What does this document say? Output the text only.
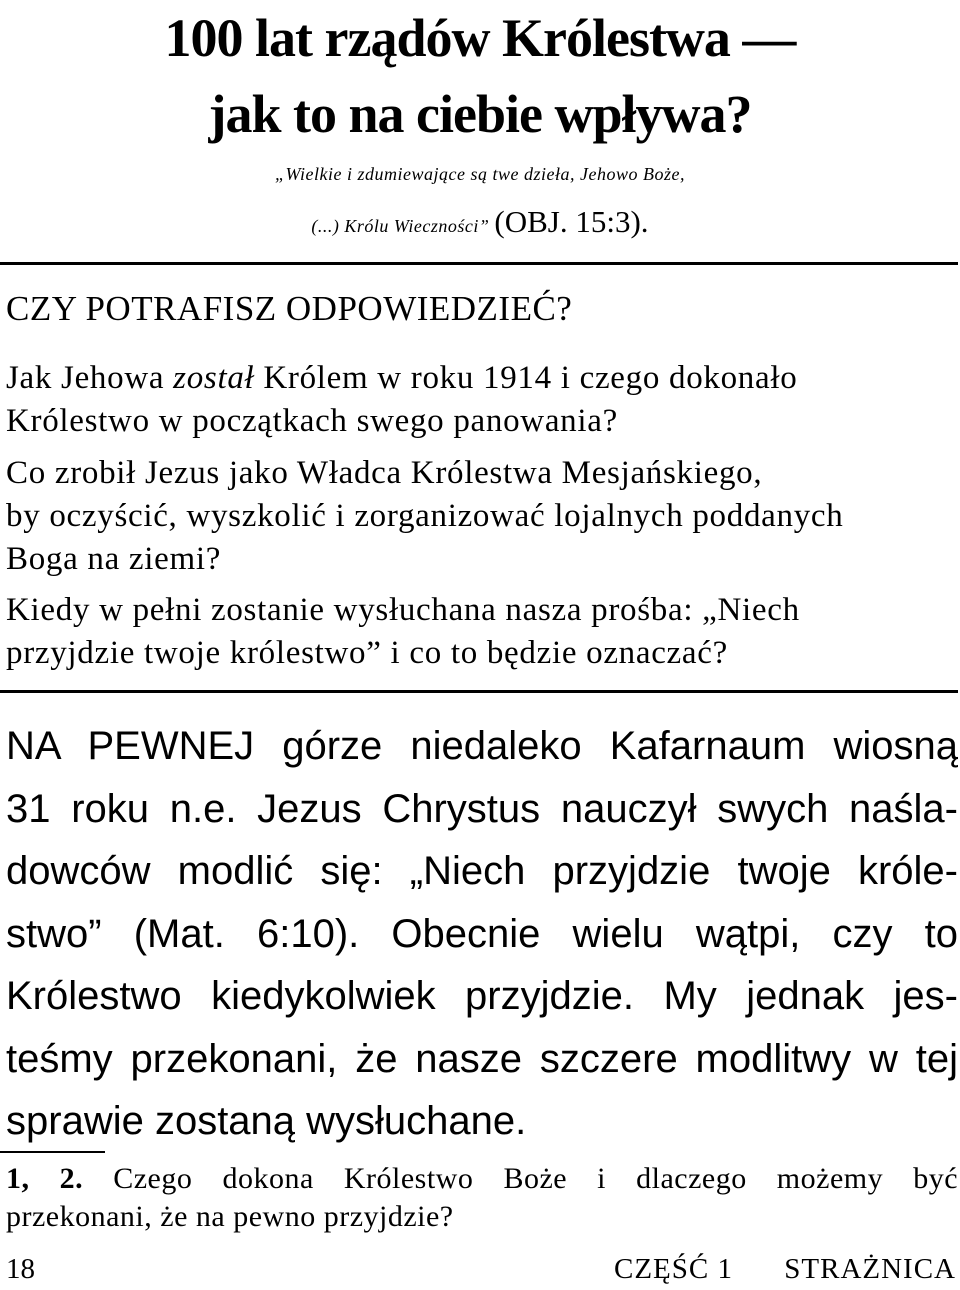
100 lat rządów Królestwa —
jak to na ciebie wpływa?
„Wielkie i zdumiewające są twe dzieła, Jehowo Boże,
(...) Królu Wieczności” (OBJ. 15:3).
CZY POTRAFISZ ODPOWIEDZIEĆ?
Jak Jehowa został Królem w roku 1914 i czego dokonało
Królestwo w początkach swego panowania?
Co zrobił Jezus jako Władca Królestwa Mesjańskiego,
by oczyścić, wyszkolić i zorganizować lojalnych poddanych
Boga na ziemi?
Kiedy w pełni zostanie wysłuchana nasza prośba: „Niech
przyjdzie twoje królestwo” i co to będzie oznaczać?
NA PEWNEJ górze niedaleko Kafarnaum wiosną
31 roku n.e. Jezus Chrystus nauczył swych naśla-
dowców modlić się: „Niech przyjdzie twoje króle-
stwo” (Mat. 6:10). Obecnie wielu wątpi, czy to
Królestwo kiedykolwiek przyjdzie. My jednak jes-
teśmy przekonani, że nasze szczere modlitwy w tej
sprawie zostaną wysłuchane.
1, 2. Czego dokona Królestwo Boże i dlaczego możemy być
przekonani, że na pewno przyjdzie?
18	CZĘŚĆ 1 STRAŻNICA
